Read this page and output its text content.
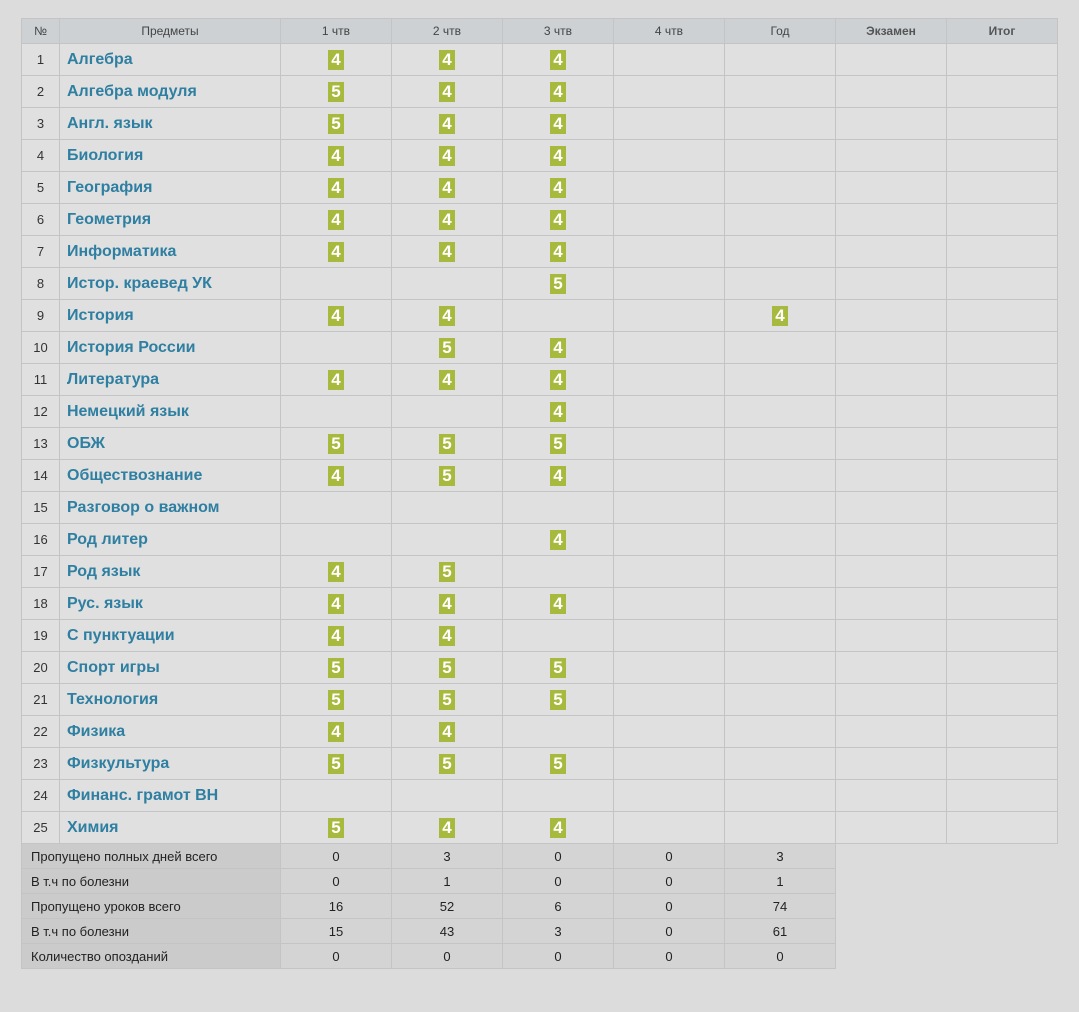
№	Предметы	1 чтв	2 чтв	3 чтв	4 чтв	Год	Экзамен	Итог
1	Алгебра	4	4	4				
2	Алгебра модуля	5	4	4				
3	Англ. язык	5	4	4				
4	Биология	4	4	4				
5	География	4	4	4				
6	Геометрия	4	4	4				
7	Информатика	4	4	4				
8	Истор. краевед УК			5				
9	История	4	4			4		
10	История России		5	4				
11	Литература	4	4	4				
12	Немецкий язык			4				
13	ОБЖ	5	5	5				
14	Обществознание	4	5	4				
15	Разговор о важном							
16	Род литер			4				
17	Род язык	4	5					
18	Рус. язык	4	4	4				
19	С пунктуации	4	4					
20	Спорт игры	5	5	5				
21	Технология	5	5	5				
22	Физика	4	4					
23	Физкультура	5	5	5				
24	Финанс. грамот ВН							
25	Химия	5	4	4				
Пропущено полных дней всего		0	3	0	0	3		
В т.ч по болезни		0	1	0	0	1		
Пропущено уроков всего		16	52	6	0	74		
В т.ч по болезни		15	43	3	0	61		
Количество опозданий		0	0	0	0	0		
